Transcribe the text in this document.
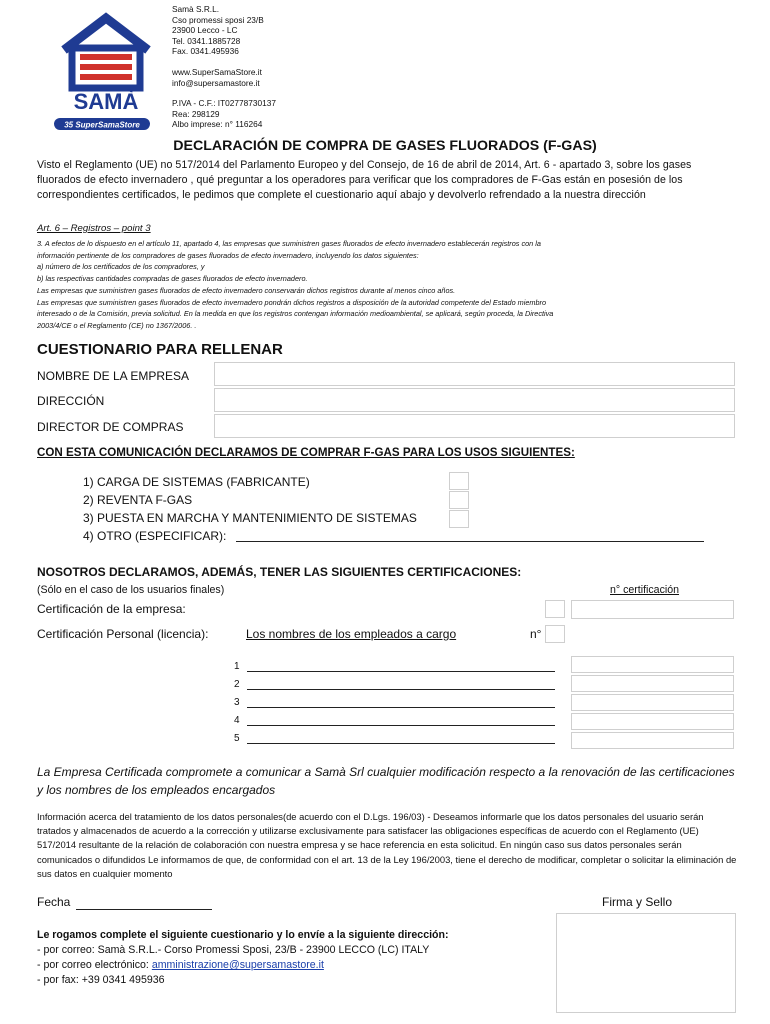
SAMÀ
35 SuperSamaStore
Samà S.R.L.
Cso promessi sposi 23/B
23900 Lecco - LC
Tel. 0341.1885728
Fax. 0341.495936
www.SuperSamaStore.it
info@supersamastore.it
P.IVA - C.F.: IT02778730137
Rea: 298129
Albo imprese: n° 116264
DECLARACIÓN DE COMPRA DE GASES FLUORADOS (F-GAS)
Visto el Reglamento (UE) no 517/2014 del Parlamento Europeo y del Consejo, de 16 de abril de 2014, Art. 6 - apartado 3, sobre los gases fluorados de efecto invernadero , qué preguntar a los operadores para verificar que los compradores de F-Gas están en posesión de los correspondientes certificados, le pedimos que complete el cuestionario aquí abajo y devolverlo refrendado a la nuestra dirección
Art. 6 – Registros – point 3
3. A efectos de lo dispuesto en el artículo 11, apartado 4, las empresas que suministren gases fluorados de efecto invernadero establecerán registros con la
información pertinente de los compradores de gases fluorados de efecto invernadero, incluyendo los datos siguientes:
a) número de los certificados de los compradores, y
b) las respectivas cantidades compradas de gases fluorados de efecto invernadero.
Las empresas que suministren gases fluorados de efecto invernadero conservarán dichos registros durante al menos cinco años.
Las empresas que suministren gases fluorados de efecto invernadero pondrán dichos registros a disposición de la autoridad competente del Estado miembro
interesado o de la Comisión, previa solicitud. En la medida en que los registros contengan información medioambiental, se aplicará, según proceda, la Directiva
2003/4/CE o el Reglamento (CE) no 1367/2006. .
CUESTIONARIO PARA RELLENAR
NOMBRE DE LA EMPRESA
DIRECCIÓN
DIRECTOR DE COMPRAS
CON ESTA COMUNICACIÓN DECLARAMOS DE COMPRAR F-GAS PARA LOS USOS SIGUIENTES:
1) CARGA DE SISTEMAS (FABRICANTE)
2) REVENTA F-GAS
3) PUESTA EN MARCHA Y MANTENIMIENTO DE SISTEMAS
4) OTRO (ESPECIFICAR):
NOSOTROS DECLARAMOS, ADEMÁS, TENER LAS SIGUIENTES CERTIFICACIONES:
(Sólo en el caso de los usuarios finales)	n° certificación
Certificación de la empresa:
Certificación Personal (licencia):	Los nombres de los empleados a cargo	n°
1
2
3
4
5
La Empresa Certificada compromete a comunicar a Samà Srl cualquier modificación respecto a la renovación de las certificaciones y los nombres de los empleados encargados
Información acerca del tratamiento de los datos personales(de acuerdo con el D.Lgs. 196/03) - Deseamos informarle que los datos personales del usuario serán tratados y almacenados de acuerdo a la corrección y utilizarse exclusivamente para satisfacer las obligaciones específicas de acuerdo con el Reglamento (UE) 517/2014 resultante de la relación de colaboración con nuestra empresa y se hace referencia en esta solicitud. En ningún caso sus datos personales serán comunicados o difundidos Le informamos de que, de conformidad con el art. 13 de la Ley 196/2003, tiene el derecho de modificar, completar o solicitar la eliminación de sus datos en cualquier momento
Fecha	Firma y Sello
Le rogamos complete el siguiente cuestionario y lo envíe a la siguiente dirección:
- por correo: Samà S.R.L.- Corso Promessi Sposi, 23/B - 23900 LECCO (LC) ITALY
- por correo electrónico: amministrazione@supersamastore.it
- por fax: +39 0341 495936
